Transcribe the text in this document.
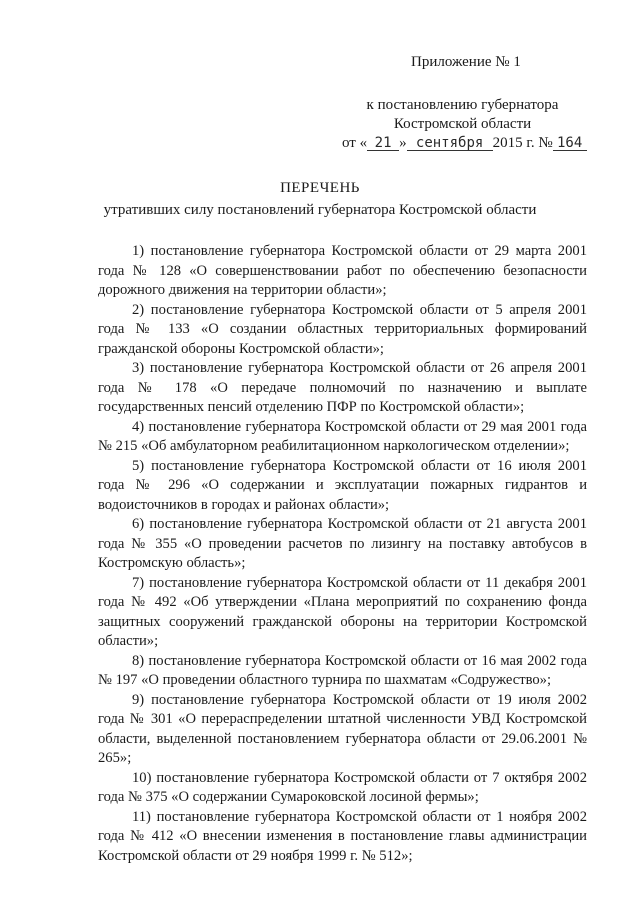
Приложение № 1
к постановлению губернатора
Костромской области
от « 21 » сентября 2015 г. № 164
ПЕРЕЧЕНЬ
утративших силу постановлений губернатора Костромской области

1) постановление губернатора Костромской области от 29 марта 2001 года № 128 «О совершенствовании работ по обеспечению безопасности дорожного движения на территории области»;

2) постановление губернатора Костромской области от 5 апреля 2001 года № 133 «О создании областных территориальных формирований гражданской обороны Костромской области»;

3) постановление губернатора Костромской области от 26 апреля 2001 года № 178 «О передаче полномочий по назначению и выплате государственных пенсий отделению ПФР по Костромской области»;

4) постановление губернатора Костромской области от 29 мая 2001 года № 215 «Об амбулаторном реабилитационном наркологическом отделении»;

5) постановление губернатора Костромской области от 16 июля 2001 года № 296 «О содержании и эксплуатации пожарных гидрантов и водоисточников в городах и районах области»;

6) постановление губернатора Костромской области от 21 августа 2001 года № 355 «О проведении расчетов по лизингу на поставку автобусов в Костромскую область»;

7) постановление губернатора Костромской области от 11 декабря 2001 года № 492 «Об утверждении «Плана мероприятий по сохранению фонда защитных сооружений гражданской обороны на территории Костромской области»;

8) постановление губернатора Костромской области от 16 мая 2002 года № 197 «О проведении областного турнира по шахматам «Содружество»;

9) постановление губернатора Костромской области от 19 июля 2002 года № 301 «О перераспределении штатной численности УВД Костромской области, выделенной постановлением губернатора области от 29.06.2001 № 265»;

10) постановление губернатора Костромской области от 7 октября 2002 года № 375 «О содержании Сумароковской лосиной фермы»;

11) постановление губернатора Костромской области от 1 ноября 2002 года № 412 «О внесении изменения в постановление главы администрации Костромской области от 29 ноября 1999 г. № 512»;
